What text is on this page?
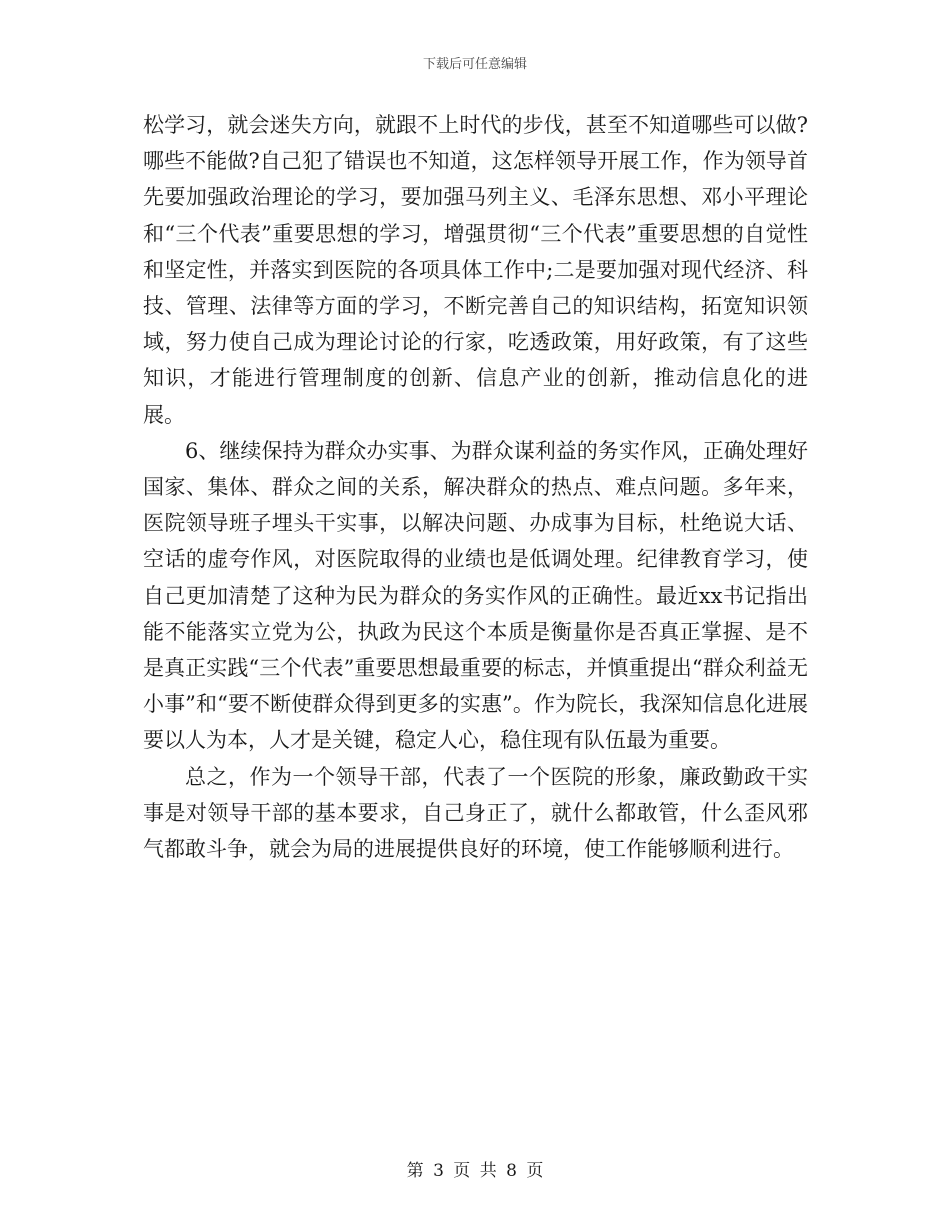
下载后可任意编辑

松学习，就会迷失方向，就跟不上时代的步伐，甚至不知道哪些可以做?哪些不能做?自己犯了错误也不知道，这怎样领导开展工作，作为领导首先要加强政治理论的学习，要加强马列主义、毛泽东思想、邓小平理论和“三个代表”重要思想的学习，增强贯彻“三个代表”重要思想的自觉性和坚定性，并落实到医院的各项具体工作中;二是要加强对现代经济、科技、管理、法律等方面的学习，不断完善自己的知识结构，拓宽知识领域，努力使自己成为理论讨论的行家，吃透政策，用好政策，有了这些知识，才能进行管理制度的创新、信息产业的创新，推动信息化的进展。

6、继续保持为群众办实事、为群众谋利益的务实作风，正确处理好国家、集体、群众之间的关系，解决群众的热点、难点问题。多年来，医院领导班子埋头干实事，以解决问题、办成事为目标，杜绝说大话、空话的虚夸作风，对医院取得的业绩也是低调处理。纪律教育学习，使自己更加清楚了这种为民为群众的务实作风的正确性。最近xx书记指出能不能落实立党为公，执政为民这个本质是衡量你是否真正掌握、是不是真正实践“三个代表”重要思想最重要的标志，并慎重提出“群众利益无小事”和“要不断使群众得到更多的实惠”。作为院长，我深知信息化进展要以人为本，人才是关键，稳定人心，稳住现有队伍最为重要。

总之，作为一个领导干部，代表了一个医院的形象，廉政勤政干实事是对领导干部的基本要求，自己身正了，就什么都敢管，什么歪风邪气都敢斗争，就会为局的进展提供良好的环境，使工作能够顺利进行。

第 3 页 共 8 页
